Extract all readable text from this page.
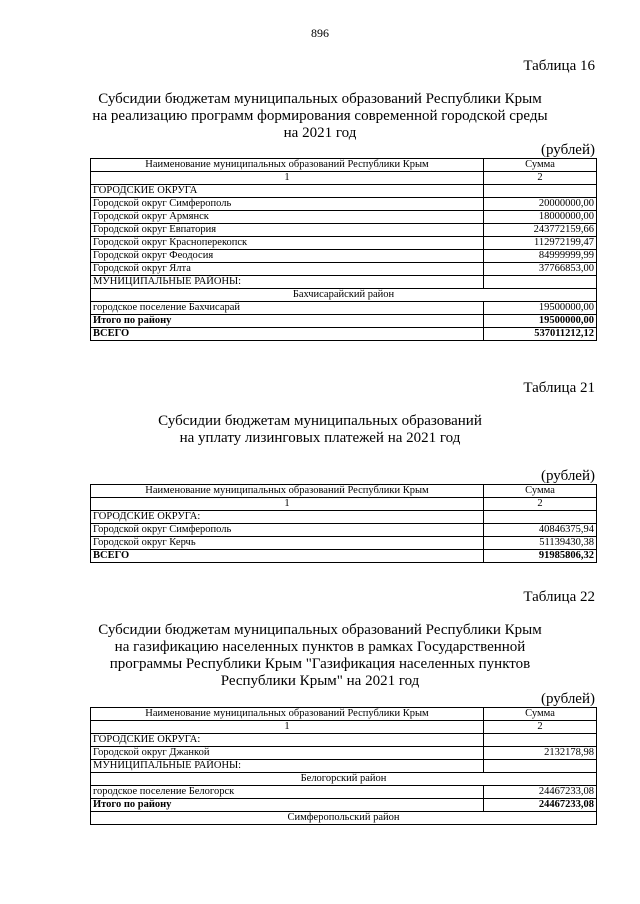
896
Таблица 16
Субсидии бюджетам муниципальных образований Республики Крым
на реализацию программ формирования современной городской среды
на 2021 год
(рублей)
Наименование муниципальных образований Республики Крым	Сумма
1	2
ГОРОДСКИЕ ОКРУГА	
Городской округ Симферополь	20000000,00
Городской округ Армянск	18000000,00
Городской округ Евпатория	243772159,66
Городской округ Красноперекопск	112972199,47
Городской округ Феодосия	84999999,99
Городской округ Ялта	37766853,00
МУНИЦИПАЛЬНЫЕ РАЙОНЫ:	
Бахчисарайский район	
городское поселение Бахчисарай	19500000,00
Итого по району	19500000,00
ВСЕГО	537011212,12
Таблица 21
Субсидии бюджетам муниципальных образований
на уплату лизинговых платежей на 2021 год
(рублей)
Наименование муниципальных образований Республики Крым	Сумма
1	2
ГОРОДСКИЕ ОКРУГА:	
Городской округ Симферополь	40846375,94
Городской округ Керчь	51139430,38
ВСЕГО	91985806,32
Таблица 22
Субсидии бюджетам муниципальных образований Республики Крым
на газификацию населенных пунктов в рамках Государственной
программы Республики Крым "Газификация населенных пунктов
Республики Крым" на 2021 год
(рублей)
Наименование муниципальных образований Республики Крым	Сумма
1	2
ГОРОДСКИЕ ОКРУГА:	
Городской округ Джанкой	2132178,98
МУНИЦИПАЛЬНЫЕ РАЙОНЫ:	
Белогорский район	
городское поселение Белогорск	24467233,08
Итого по району	24467233,08
Симферопольский район	
